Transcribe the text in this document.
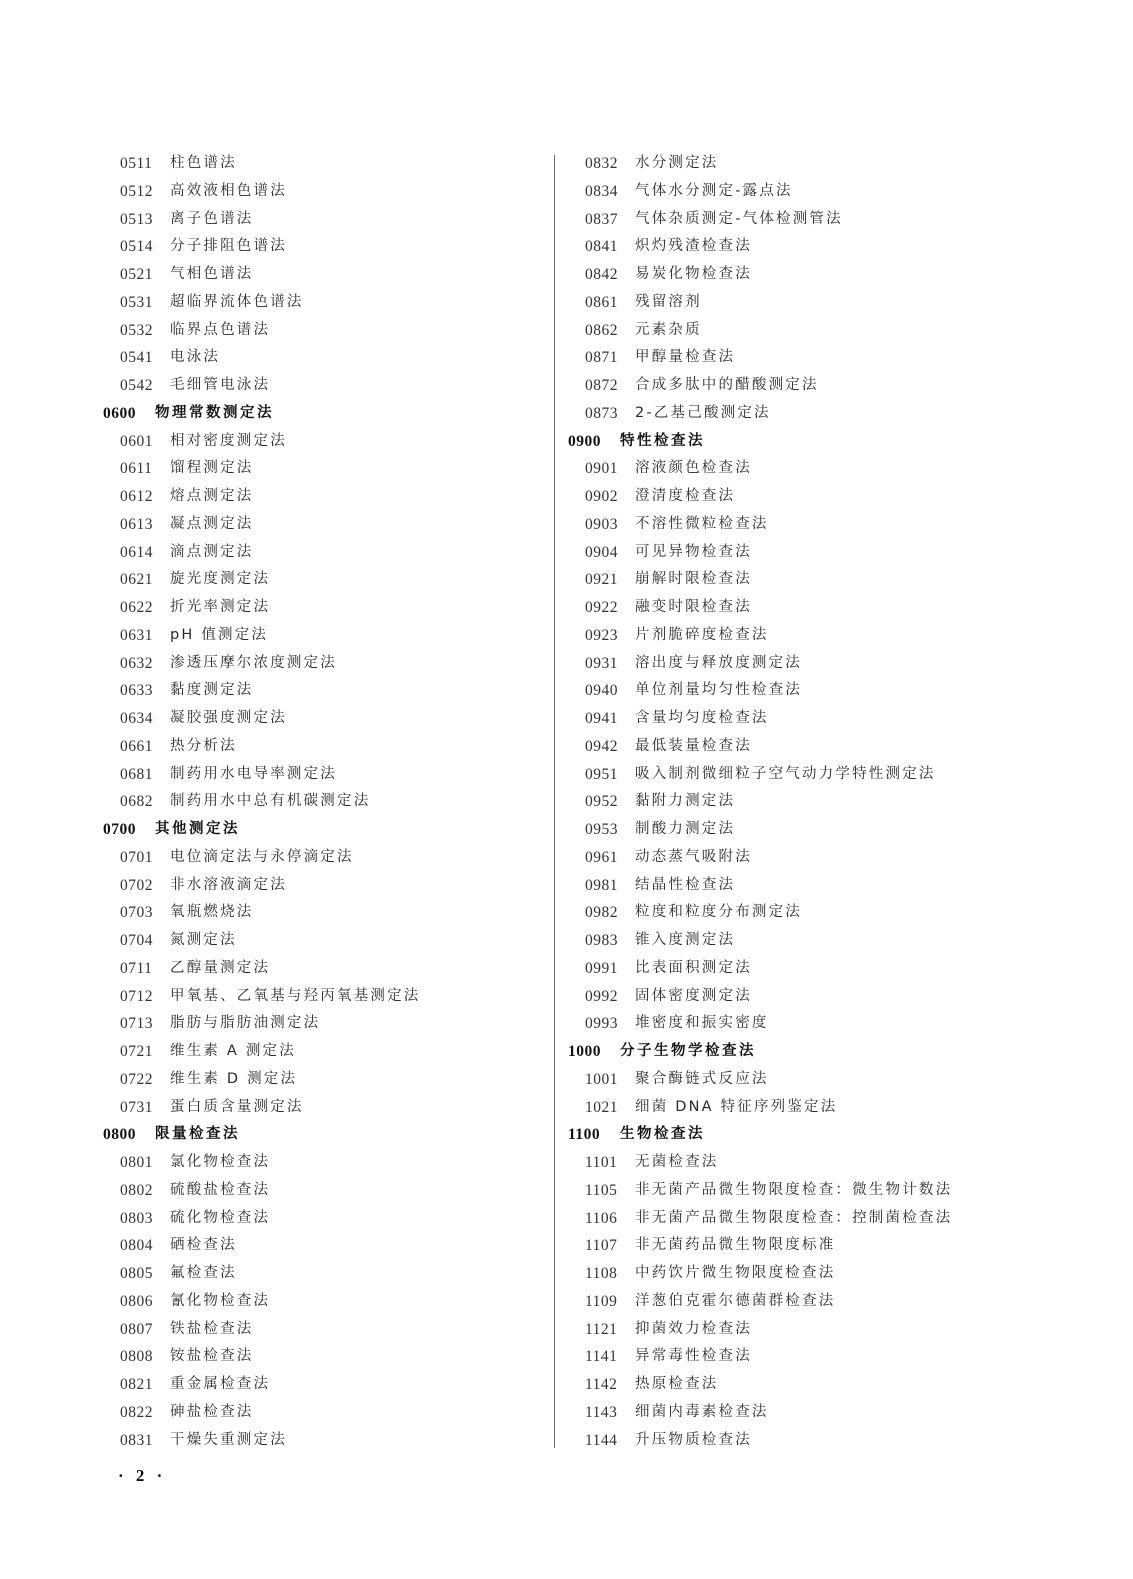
0511 柱色谱法
0512 高效液相色谱法
0513 离子色谱法
0514 分子排阻色谱法
0521 气相色谱法
0531 超临界流体色谱法
0532 临界点色谱法
0541 电泳法
0542 毛细管电泳法
0600 物理常数测定法
0601 相对密度测定法
0611 馏程测定法
0612 熔点测定法
0613 凝点测定法
0614 滴点测定法
0621 旋光度测定法
0622 折光率测定法
0631 pH 值测定法
0632 渗透压摩尔浓度测定法
0633 黏度测定法
0634 凝胶强度测定法
0661 热分析法
0681 制药用水电导率测定法
0682 制药用水中总有机碳测定法
0700 其他测定法
0701 电位滴定法与永停滴定法
0702 非水溶液滴定法
0703 氧瓶燃烧法
0704 氮测定法
0711 乙醇量测定法
0712 甲氧基、乙氧基与羟丙氧基测定法
0713 脂肪与脂肪油测定法
0721 维生素 A 测定法
0722 维生素 D 测定法
0731 蛋白质含量测定法
0800 限量检查法
0801 氯化物检查法
0802 硫酸盐检查法
0803 硫化物检查法
0804 硒检查法
0805 氟检查法
0806 氰化物检查法
0807 铁盐检查法
0808 铵盐检查法
0821 重金属检查法
0822 砷盐检查法
0831 干燥失重测定法
0832 水分测定法
0834 气体水分测定-露点法
0837 气体杂质测定-气体检测管法
0841 炽灼残渣检查法
0842 易炭化物检查法
0861 残留溶剂
0862 元素杂质
0871 甲醇量检查法
0872 合成多肽中的醋酸测定法
0873 2-乙基己酸测定法
0900 特性检查法
0901 溶液颜色检查法
0902 澄清度检查法
0903 不溶性微粒检查法
0904 可见异物检查法
0921 崩解时限检查法
0922 融变时限检查法
0923 片剂脆碎度检查法
0931 溶出度与释放度测定法
0940 单位剂量均匀性检查法
0941 含量均匀度检查法
0942 最低装量检查法
0951 吸入制剂微细粒子空气动力学特性测定法
0952 黏附力测定法
0953 制酸力测定法
0961 动态蒸气吸附法
0981 结晶性检查法
0982 粒度和粒度分布测定法
0983 锥入度测定法
0991 比表面积测定法
0992 固体密度测定法
0993 堆密度和振实密度
1000 分子生物学检查法
1001 聚合酶链式反应法
1021 细菌 DNA 特征序列鉴定法
1100 生物检查法
1101 无菌检查法
1105 非无菌产品微生物限度检查：微生物计数法
1106 非无菌产品微生物限度检查：控制菌检查法
1107 非无菌药品微生物限度标准
1108 中药饮片微生物限度检查法
1109 洋葱伯克霍尔德菌群检查法
1121 抑菌效力检查法
1141 异常毒性检查法
1142 热原检查法
1143 细菌内毒素检查法
1144 升压物质检查法
· 2 ·
